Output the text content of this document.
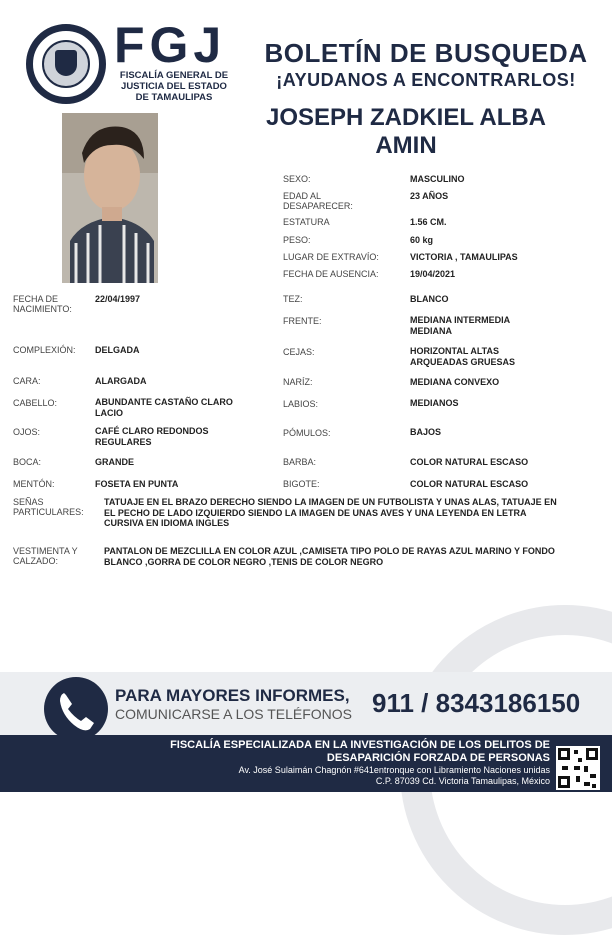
FGJ
FISCALÍA GENERAL DE JUSTICIA DEL ESTADO DE TAMAULIPAS
BOLETÍN DE BUSQUEDA
¡AYUDANOS A ENCONTRARLOS!
JOSEPH ZADKIEL ALBA AMIN
SEXO:	MASCULINO
EDAD AL DESAPARECER:
23 AÑOS
ESTATURA	1.56 CM.
PESO:	60 kg
LUGAR DE EXTRAVÍO:	VICTORIA , TAMAULIPAS
FECHA DE AUSENCIA:	19/04/2021
FECHA DE NACIMIENTO:
22/04/1997
COMPLEXIÓN: DELGADA
CARA:	ALARGADA
CABELLO:	ABUNDANTE CASTAÑO CLARO LACIO
OJOS:	CAFÉ CLARO REDONDOS REGULARES
BOCA:	GRANDE
MENTÓN:	FOSETA EN PUNTA
TEZ:	BLANCO
FRENTE:	MEDIANA INTERMEDIA MEDIANA
CEJAS:	HORIZONTAL ALTAS ARQUEADAS GRUESAS
NARÍZ:	MEDIANA CONVEXO
LABIOS:	MEDIANOS
PÓMULOS:	BAJOS
BARBA:	COLOR NATURAL ESCASO
BIGOTE:	COLOR NATURAL ESCASO
SEÑAS PARTICULARES:
TATUAJE EN EL BRAZO DERECHO SIENDO LA IMAGEN DE UN FUTBOLISTA Y UNAS ALAS, TATUAJE EN EL PECHO DE LADO IZQUIERDO SIENDO LA IMAGEN DE UNAS AVES Y UNA LEYENDA EN LETRA CURSIVA EN IDIOMA INGLES
VESTIMENTA Y CALZADO:
PANTALON DE MEZCLILLA EN COLOR AZUL ,CAMISETA TIPO POLO DE RAYAS AZUL MARINO Y FONDO BLANCO ,GORRA DE COLOR NEGRO ,TENIS DE COLOR NEGRO
PARA MAYORES INFORMES,
COMUNICARSE A LOS TELÉFONOS 911 / 8343186150
FISCALÍA ESPECIALIZADA EN LA INVESTIGACIÓN DE LOS DELITOS DE DESAPARICIÓN FORZADA DE PERSONAS
Av. José Sulaimán Chagnón #641entronque con Libramiento Naciones unidas
C.P. 87039 Cd. Victoria Tamaulipas, México
